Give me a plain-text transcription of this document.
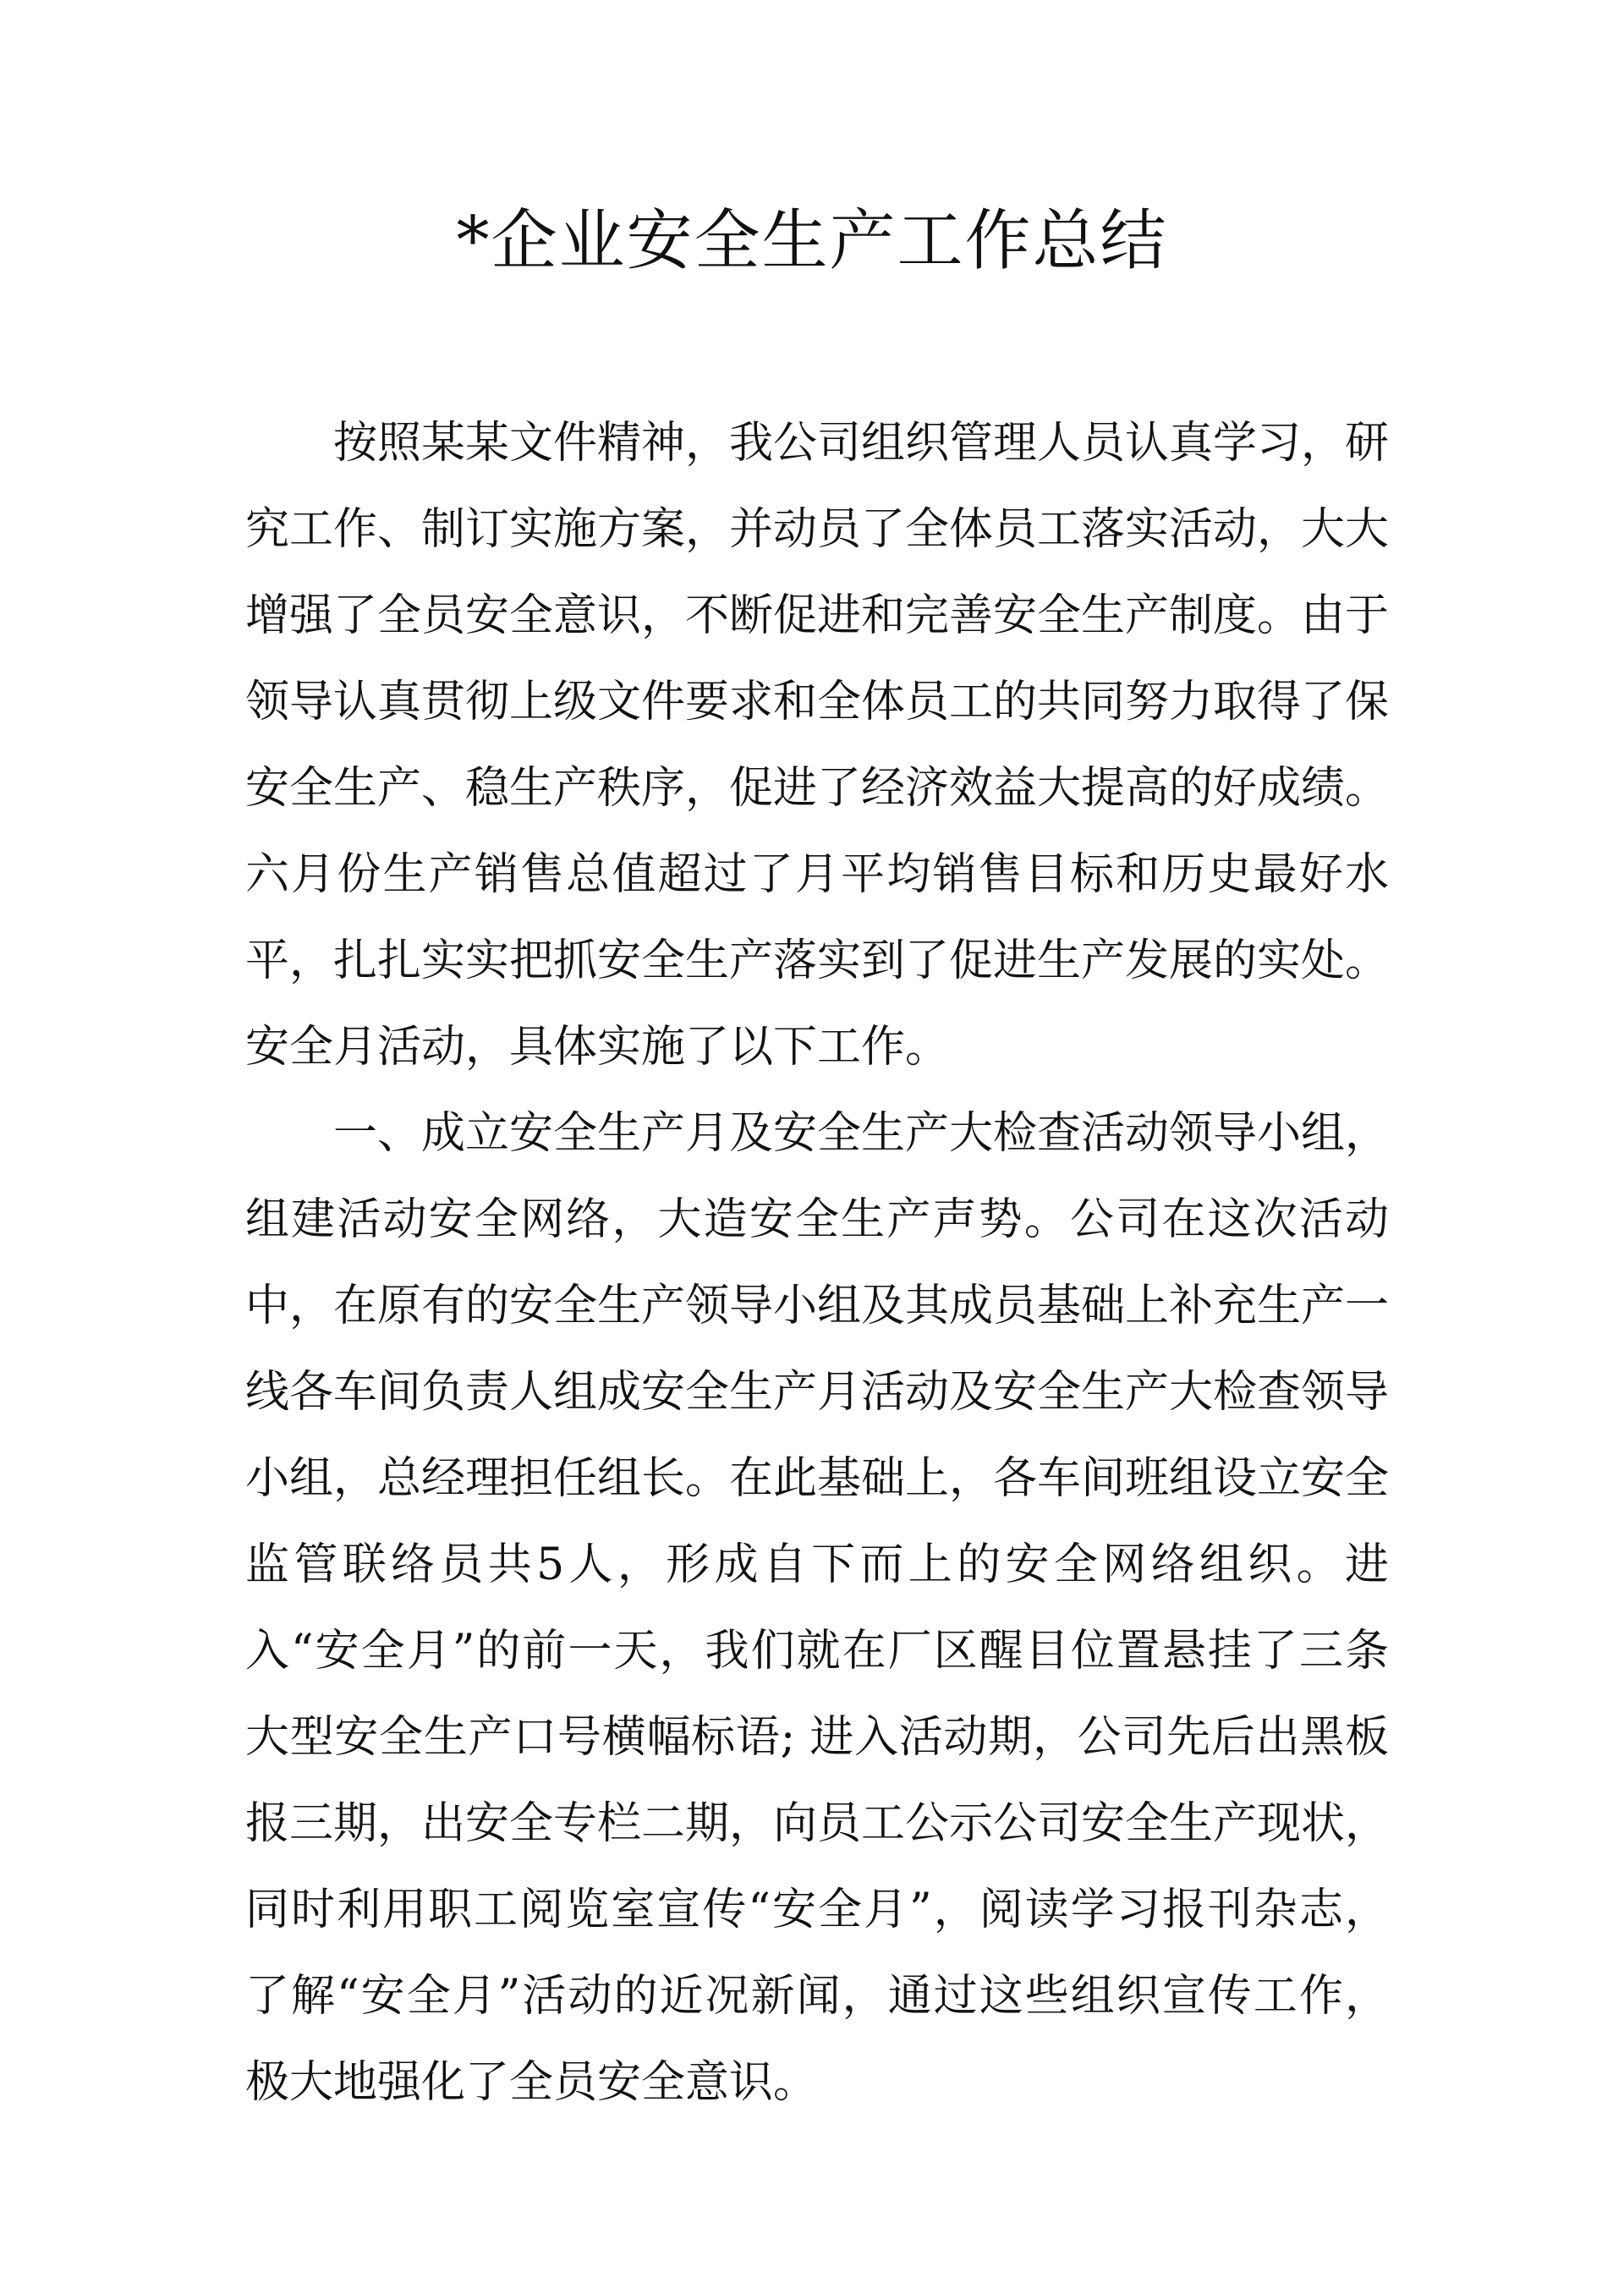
*企业安全生产工作总结

按照某某文件精神，我公司组织管理人员认真学习，研究工作、制订实施方案，并动员了全体员工落实活动，大大增强了全员安全意识，不断促进和完善安全生产制度。由于领导认真贯彻上级文件要求和全体员工的共同努力取得了保安全生产、稳生产秩序，促进了经济效益大提高的好成绩。六月份生产销售总值超过了月平均销售目标和历史最好水平，扎扎实实把抓安全生产落实到了促进生产发展的实处。安全月活动，具体实施了以下工作。

一、成立安全生产月及安全生产大检查活动领导小组，组建活动安全网络，大造安全生产声势。公司在这次活动中，在原有的安全生产领导小组及其成员基础上补充生产一线各车间负责人组成安全生产月活动及安全生产大检查领导小组，总经理担任组长。在此基础上，各车间班组设立安全监管联络员共5人，形成自下而上的安全网络组织。进入“安全月”的前一天，我们就在厂区醒目位置悬挂了三条大型安全生产口号横幅标语; 进入活动期，公司先后出黑板报三期，出安全专栏二期，向员工公示公司安全生产现状，同时利用职工阅览室宣传“安全月”，阅读学习报刊杂志，了解“安全月”活动的近况新闻，通过这些组织宣传工作，极大地强化了全员安全意识。
